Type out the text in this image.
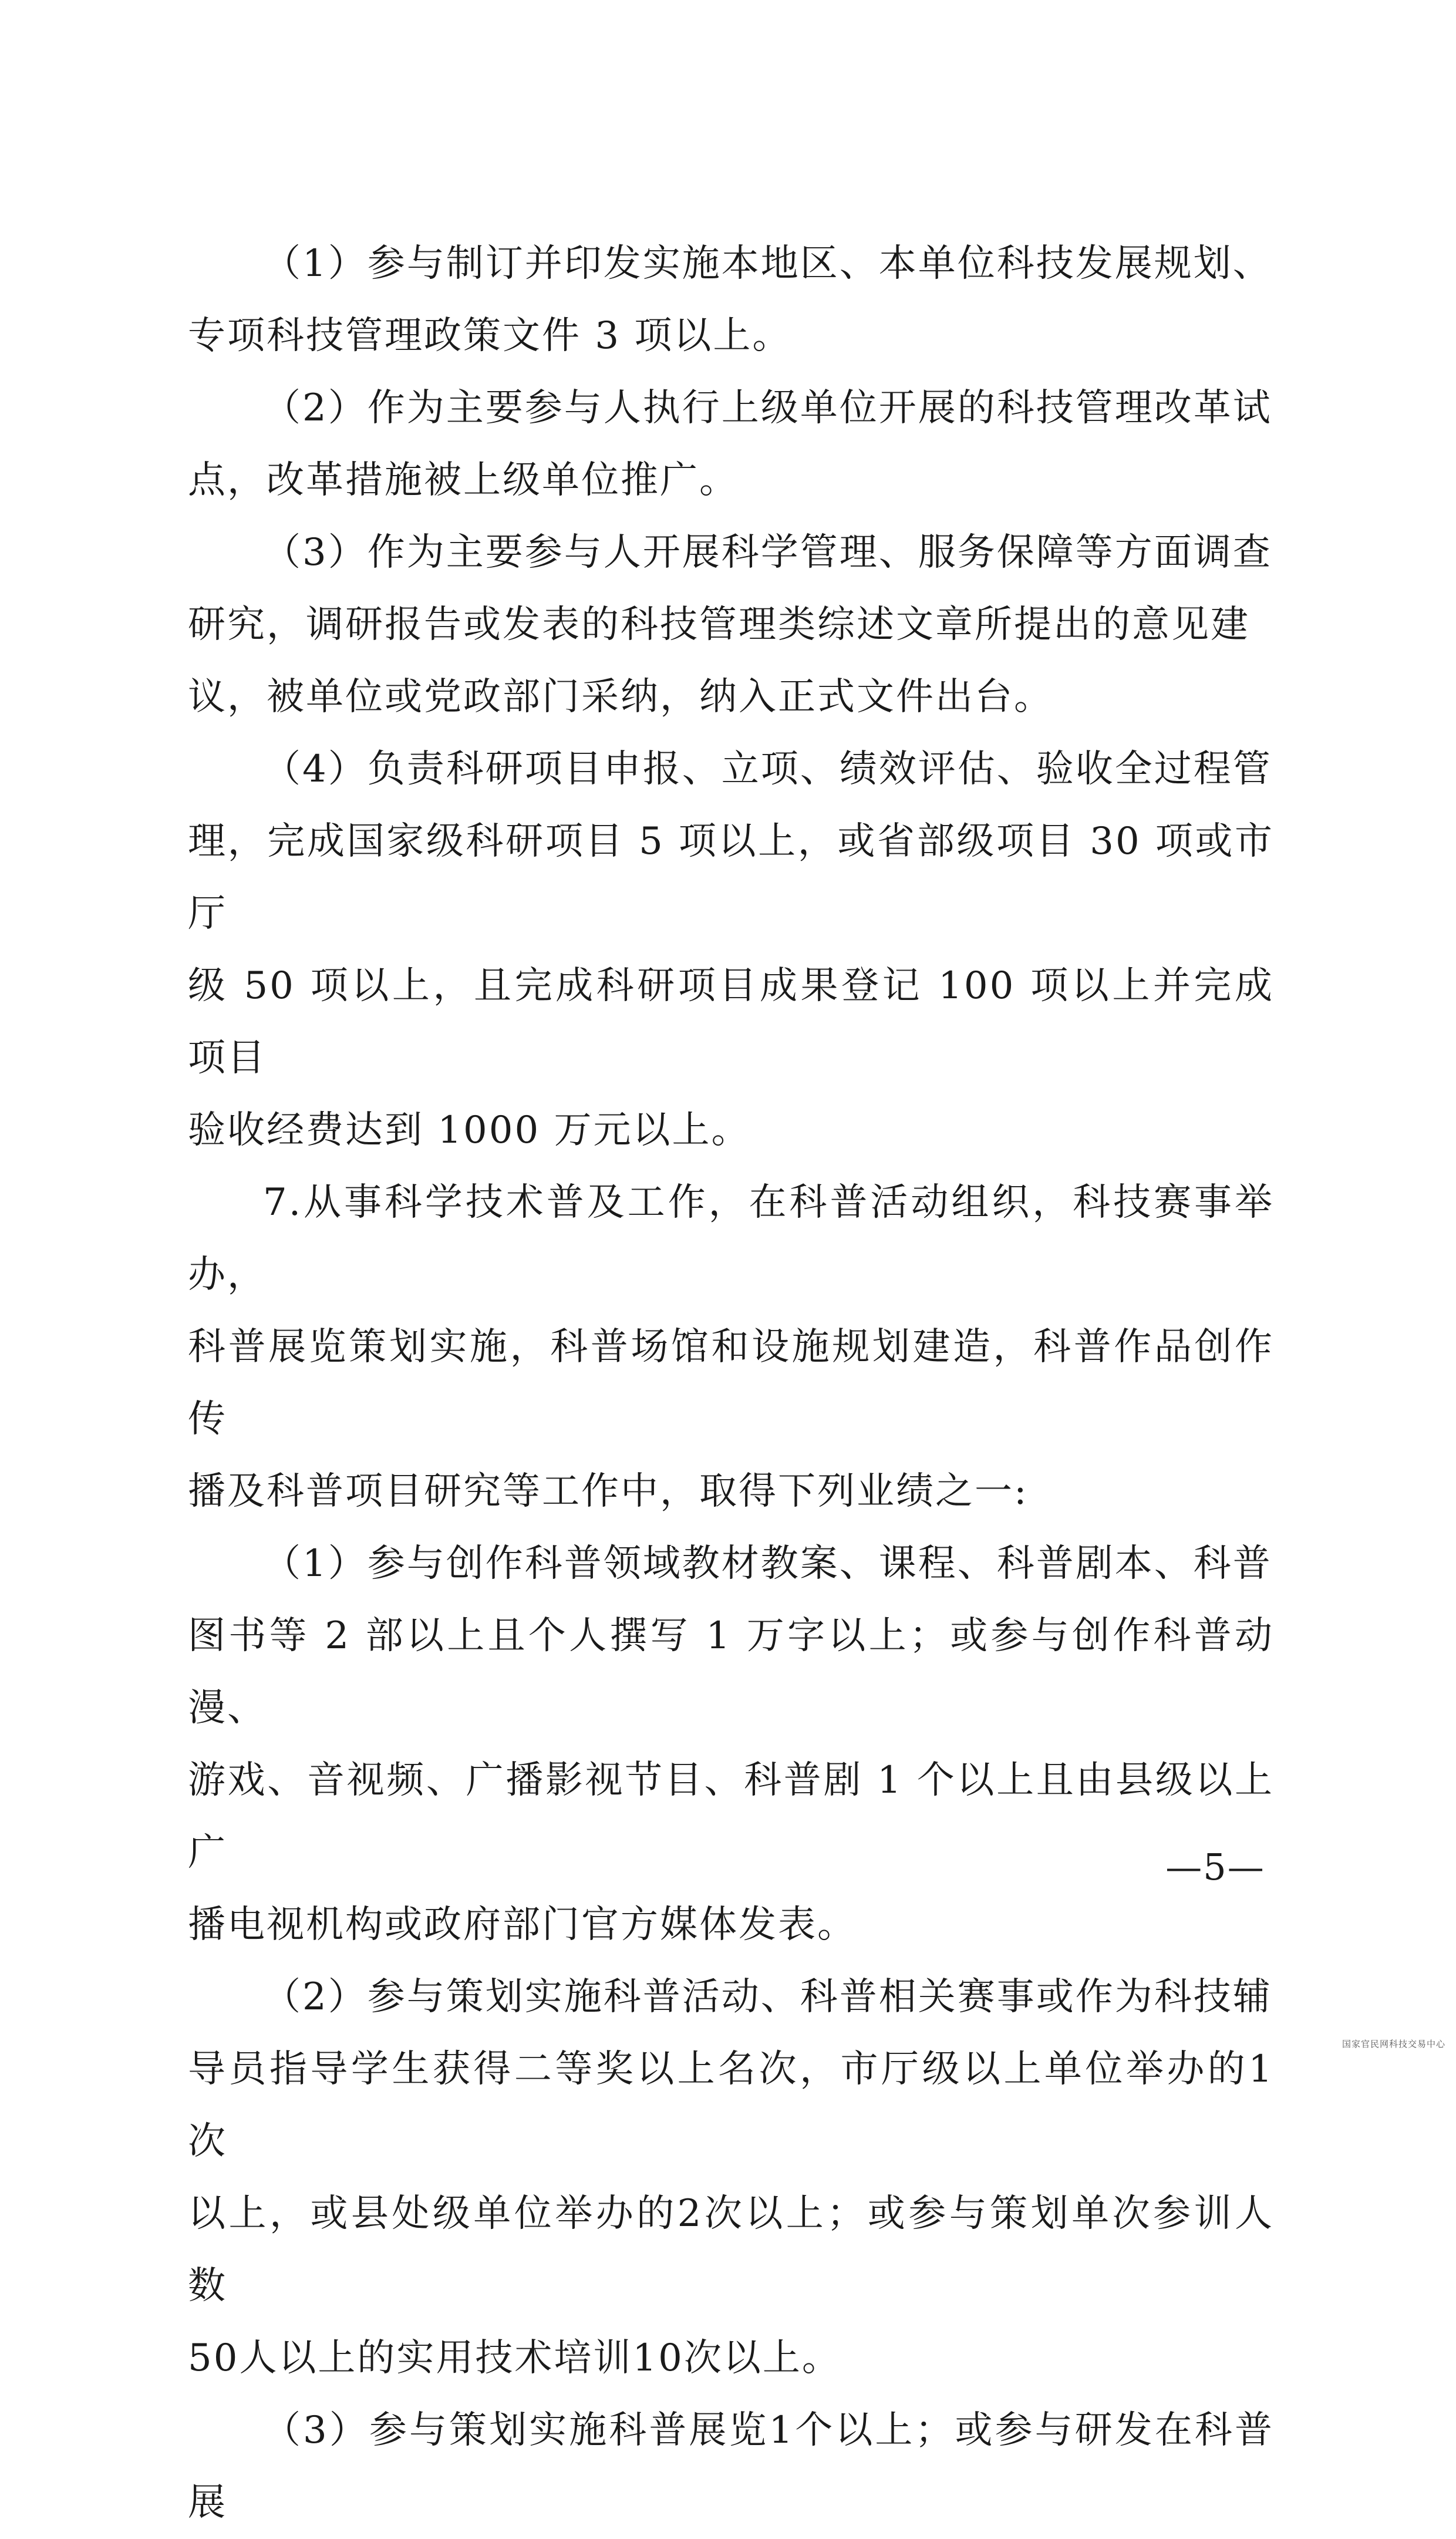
（1）参与制订并印发实施本地区、本单位科技发展规划、
专项科技管理政策文件 3 项以上。

（2）作为主要参与人执行上级单位开展的科技管理改革试
点，改革措施被上级单位推广。

（3）作为主要参与人开展科学管理、服务保障等方面调查
研究，调研报告或发表的科技管理类综述文章所提出的意见建
议，被单位或党政部门采纳，纳入正式文件出台。

（4）负责科研项目申报、立项、绩效评估、验收全过程管
理，完成国家级科研项目 5 项以上，或省部级项目 30 项或市厅
级 50 项以上，且完成科研项目成果登记 100 项以上并完成项目
验收经费达到 1000 万元以上。

7.从事科学技术普及工作，在科普活动组织，科技赛事举办，
科普展览策划实施，科普场馆和设施规划建造，科普作品创作传
播及科普项目研究等工作中，取得下列业绩之一:

（1）参与创作科普领域教材教案、课程、科普剧本、科普
图书等 2 部以上且个人撰写 1 万字以上；或参与创作科普动漫、
游戏、音视频、广播影视节目、科普剧 1 个以上且由县级以上广
播电视机构或政府部门官方媒体发表。

（2）参与策划实施科普活动、科普相关赛事或作为科技辅
导员指导学生获得二等奖以上名次，市厅级以上单位举办的1次
以上，或县处级单位举办的2次以上；或参与策划单次参训人数
50人以上的实用技术培训10次以上。

（3）参与策划实施科普展览1个以上；或参与研发在科普展

—5—
国家官民网科技交易中心
